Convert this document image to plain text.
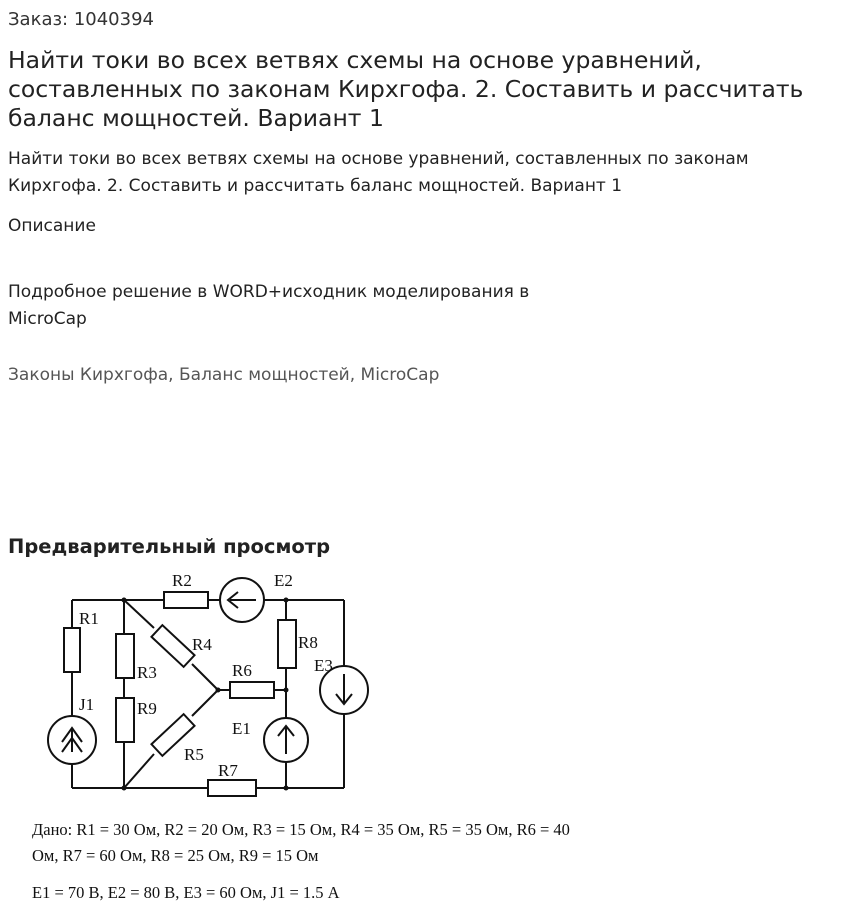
Заказ: 1040394
Найти токи во всех ветвях схемы на основе уравнений, составленных по законам Кирхгофа. 2. Составить и рассчитать баланс мощностей. Вариант 1
Найти токи во всех ветвях схемы на основе уравнений, составленных по законам Кирхгофа. 2. Составить и рассчитать баланс мощностей. Вариант 1
Описание
Подробное решение в WORD+исходник моделирования в MicroCap
Законы Кирхгофа, Баланс мощностей, MicroCap
Предварительный просмотр
R1
R2
R3
R4
R5
R6
R7
R8
R9
E1
E2
E3
J1
Дано: R1 = 30 Ом, R2 = 20 Ом, R3 = 15 Ом, R4 = 35 Ом, R5 = 35 Ом, R6 = 40
Ом, R7 = 60 Ом, R8 = 25 Ом, R9 = 15 Ом
E1 = 70 В, E2 = 80 В, E3 = 60 Ом, J1 = 1.5 А
